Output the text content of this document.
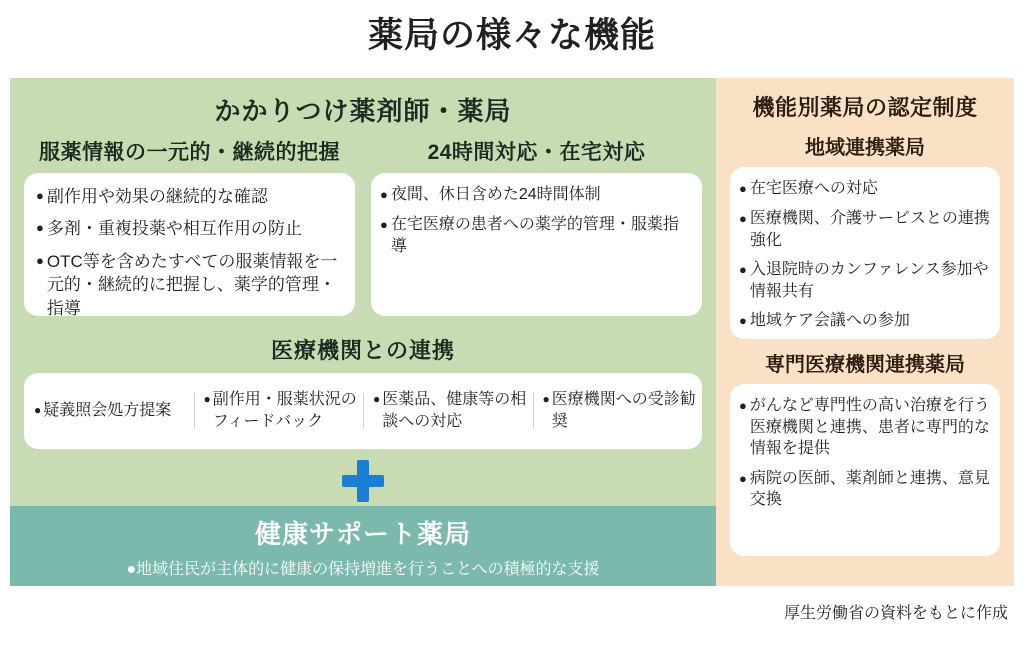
薬局の様々な機能
かかりつけ薬剤師・薬局
服薬情報の一元的・継続的把握
● 副作用や効果の継続的な確認
● 多剤・重複投薬や相互作用の防止
● OTC等を含めたすべての服薬情報を一元的・継続的に把握し、薬学的管理・指導
24時間対応・在宅対応
● 夜間、休日含めた24時間体制
● 在宅医療の患者への薬学的管理・服薬指導
医療機関との連携
● 疑義照会処方提案
● 副作用・服薬状況のフィードバック
● 医薬品、健康等の相談への対応
● 医療機関への受診勧奨
健康サポート薬局
●地域住民が主体的に健康の保持増進を行うことへの積極的な支援
機能別薬局の認定制度
地域連携薬局
● 在宅医療への対応
● 医療機関、介護サービスとの連携強化
● 入退院時のカンファレンス参加や情報共有
● 地域ケア会議への参加
専門医療機関連携薬局
● がんなど専門性の高い治療を行う医療機関と連携、患者に専門的な情報を提供
● 病院の医師、薬剤師と連携、意見交換
厚生労働省の資料をもとに作成
